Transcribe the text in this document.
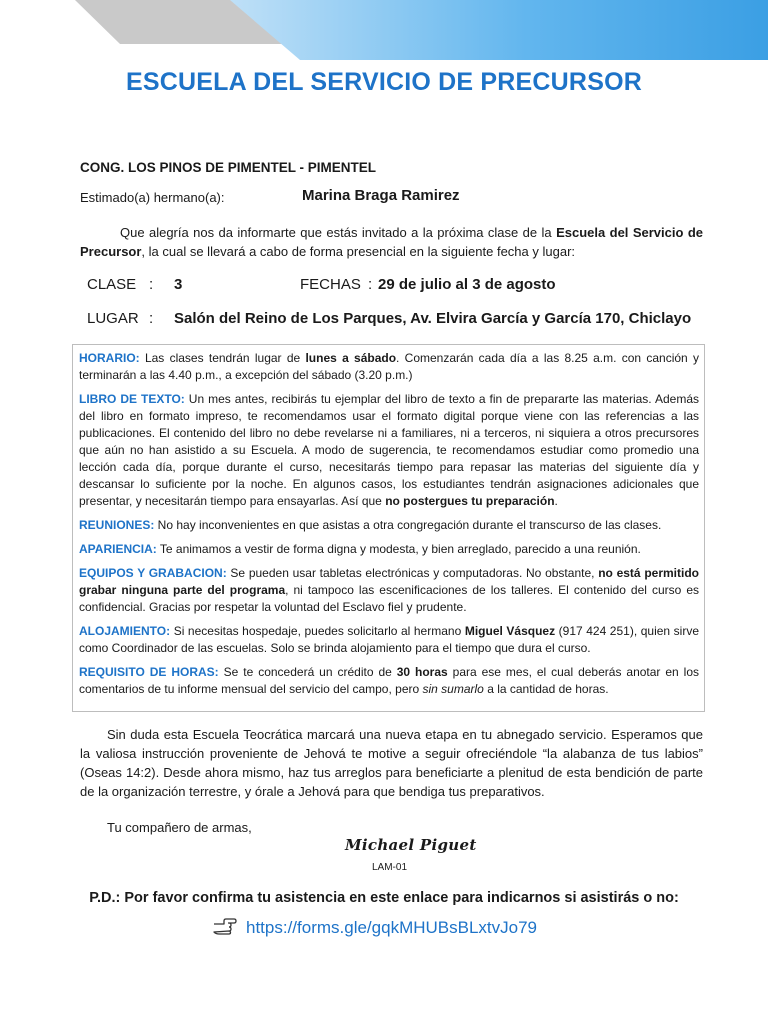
ESCUELA DEL SERVICIO DE PRECURSOR
CONG. LOS PINOS DE PIMENTEL - PIMENTEL
Estimado(a) hermano(a):	Marina Braga Ramirez

Que alegría nos da informarte que estás invitado a la próxima clase de la Escuela del Servicio de Precursor, la cual se llevará a cabo de forma presencial en la siguiente fecha y lugar:

CLASE : 3	FECHAS : 29 de julio al 3 de agosto
LUGAR : Salón del Reino de Los Parques, Av. Elvira García y García 170, Chiclayo

HORARIO: Las clases tendrán lugar de lunes a sábado. Comenzarán cada día a las 8.25 a.m. con canción y terminarán a las 4.40 p.m., a excepción del sábado (3.20 p.m.)

LIBRO DE TEXTO: Un mes antes, recibirás tu ejemplar del libro de texto a fin de prepararte las materias. Además del libro en formato impreso, te recomendamos usar el formato digital porque viene con las referencias a las publicaciones. El contenido del libro no debe revelarse ni a familiares, ni a terceros, ni siquiera a otros precursores que aún no han asistido a su Escuela. A modo de sugerencia, te recomendamos estudiar como promedio una lección cada día, porque durante el curso, necesitarás tiempo para repasar las materias del siguiente día y descansar lo suficiente por la noche. En algunos casos, los estudiantes tendrán asignaciones adicionales que presentar, y necesitarán tiempo para ensayarlas. Así que no postergues tu preparación.

REUNIONES: No hay inconvenientes en que asistas a otra congregación durante el transcurso de las clases.

APARIENCIA: Te animamos a vestir de forma digna y modesta, y bien arreglado, parecido a una reunión.

EQUIPOS Y GRABACION: Se pueden usar tabletas electrónicas y computadoras. No obstante, no está permitido grabar ninguna parte del programa, ni tampoco las escenificaciones de los talleres. El contenido del curso es confidencial. Gracias por respetar la voluntad del Esclavo fiel y prudente.

ALOJAMIENTO: Si necesitas hospedaje, puedes solicitarlo al hermano Miguel Vásquez (917 424 251), quien sirve como Coordinador de las escuelas. Solo se brinda alojamiento para el tiempo que dura el curso.

REQUISITO DE HORAS: Se te concederá un crédito de 30 horas para ese mes, el cual deberás anotar en los comentarios de tu informe mensual del servicio del campo, pero sin sumarlo a la cantidad de horas.

Sin duda esta Escuela Teocrática marcará una nueva etapa en tu abnegado servicio. Esperamos que la valiosa instrucción proveniente de Jehová te motive a seguir ofreciéndole “la alabanza de tus labios” (Oseas 14:2). Desde ahora mismo, haz tus arreglos para beneficiarte a plenitud de esta bendición de parte de la organización terrestre, y órale a Jehová para que bendiga tus preparativos.

Tu compañero de armas,
Michael Piguet
LAM-01
P.D.: Por favor confirma tu asistencia en este enlace para indicarnos si asistirás o no:
https://forms.gle/gqkMHUBsBLxtvJo79
